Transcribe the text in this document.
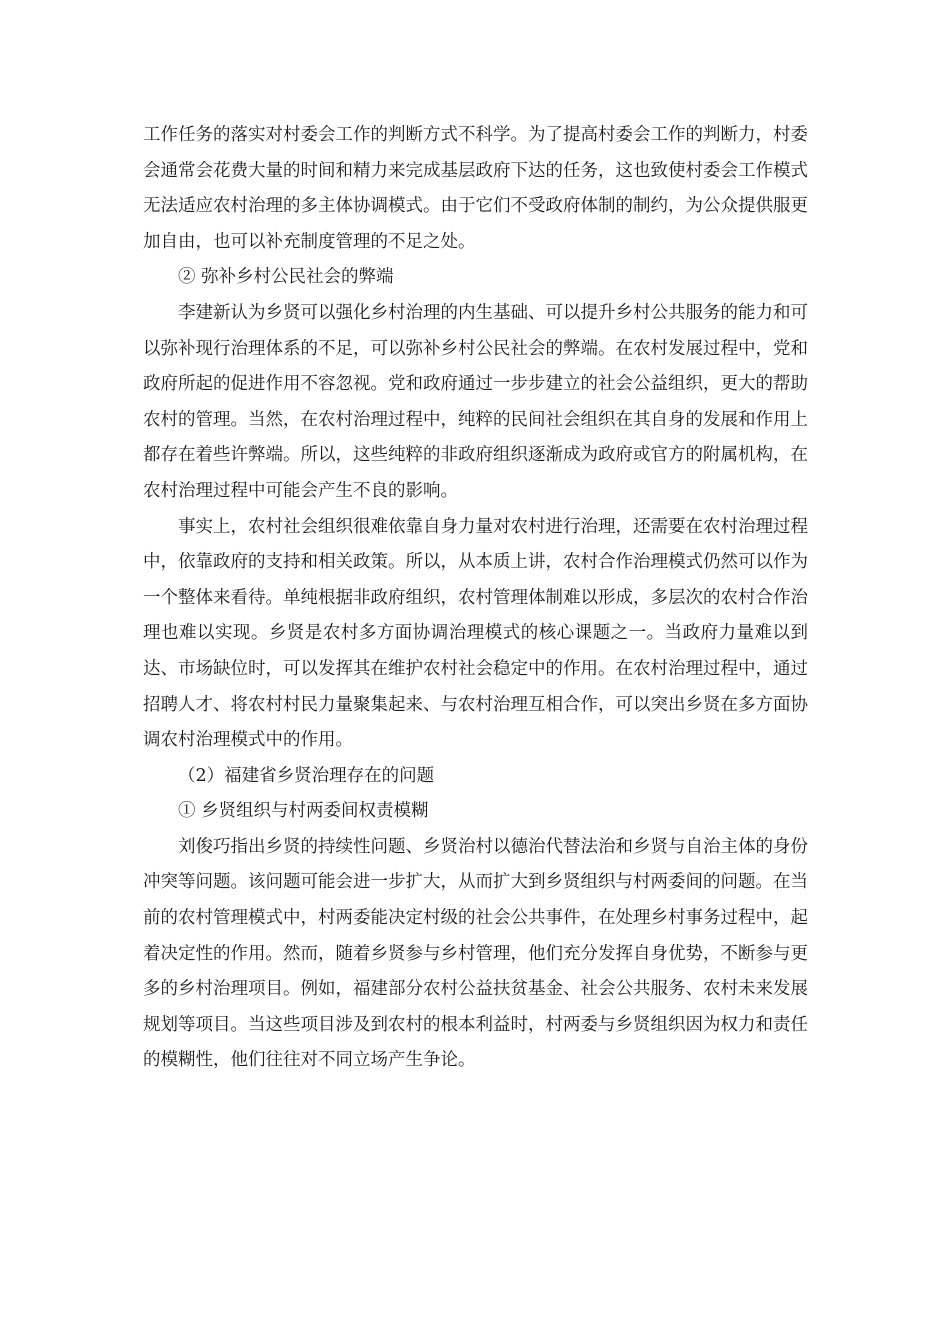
工作任务的落实对村委会工作的判断方式不科学。为了提高村委会工作的判断力，村委会通常会花费大量的时间和精力来完成基层政府下达的任务，这也致使村委会工作模式无法适应农村治理的多主体协调模式。由于它们不受政府体制的制约，为公众提供服更加自由，也可以补充制度管理的不足之处。

② 弥补乡村公民社会的弊端

李建新认为乡贤可以强化乡村治理的内生基础、可以提升乡村公共服务的能力和可以弥补现行治理体系的不足，可以弥补乡村公民社会的弊端。在农村发展过程中，党和政府所起的促进作用不容忽视。党和政府通过一步步建立的社会公益组织，更大的帮助农村的管理。当然，在农村治理过程中，纯粹的民间社会组织在其自身的发展和作用上都存在着些许弊端。所以，这些纯粹的非政府组织逐渐成为政府或官方的附属机构，在农村治理过程中可能会产生不良的影响。

事实上，农村社会组织很难依靠自身力量对农村进行治理，还需要在农村治理过程中，依靠政府的支持和相关政策。所以，从本质上讲，农村合作治理模式仍然可以作为一个整体来看待。单纯根据非政府组织，农村管理体制难以形成，多层次的农村合作治理也难以实现。乡贤是农村多方面协调治理模式的核心课题之一。当政府力量难以到达、市场缺位时，可以发挥其在维护农村社会稳定中的作用。在农村治理过程中，通过招聘人才、将农村村民力量聚集起来、与农村治理互相合作，可以突出乡贤在多方面协调农村治理模式中的作用。

（2）福建省乡贤治理存在的问题

① 乡贤组织与村两委间权责模糊

刘俊巧指出乡贤的持续性问题、乡贤治村以德治代替法治和乡贤与自治主体的身份冲突等问题。该问题可能会进一步扩大，从而扩大到乡贤组织与村两委间的问题。在当前的农村管理模式中，村两委能决定村级的社会公共事件，在处理乡村事务过程中，起着决定性的作用。然而，随着乡贤参与乡村管理，他们充分发挥自身优势，不断参与更多的乡村治理项目。例如，福建部分农村公益扶贫基金、社会公共服务、农村未来发展规划等项目。当这些项目涉及到农村的根本利益时，村两委与乡贤组织因为权力和责任的模糊性，他们往往对不同立场产生争论。
